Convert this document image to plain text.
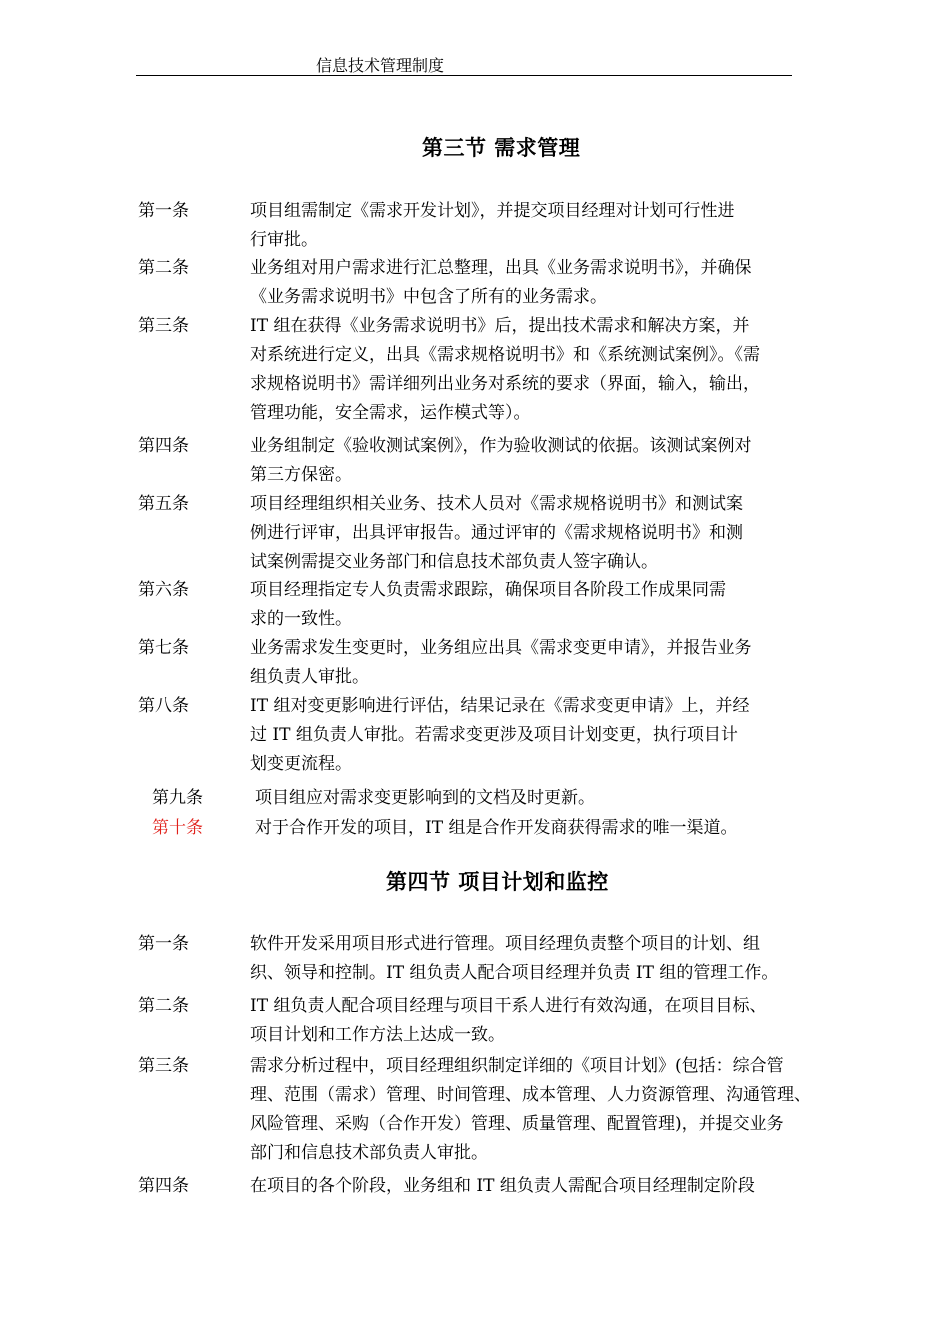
信息技术管理制度
第三节 需求管理
第一条	项目组需制定《需求开发计划》，并提交项目经理对计划可行性进
行审批。
第二条	业务组对用户需求进行汇总整理，出具《业务需求说明书》，并确保
《业务需求说明书》中包含了所有的业务需求。
第三条	IT 组在获得《业务需求说明书》后，提出技术需求和解决方案，并
对系统进行定义，出具《需求规格说明书》和《系统测试案例》。《需
求规格说明书》需详细列出业务对系统的要求（界面，输入，输出，
管理功能，安全需求，运作模式等）。
第四条	业务组制定《验收测试案例》，作为验收测试的依据。该测试案例对
第三方保密。
第五条	项目经理组织相关业务、技术人员对《需求规格说明书》和测试案
例进行评审，出具评审报告。通过评审的《需求规格说明书》和测
试案例需提交业务部门和信息技术部负责人签字确认。
第六条	项目经理指定专人负责需求跟踪，确保项目各阶段工作成果同需
求的一致性。
第七条	业务需求发生变更时，业务组应出具《需求变更申请》，并报告业务
组负责人审批。
第八条	IT 组对变更影响进行评估，结果记录在《需求变更申请》上，并经
过 IT 组负责人审批。若需求变更涉及项目计划变更，执行项目计
划变更流程。
第九条	项目组应对需求变更影响到的文档及时更新。
第十条	对于合作开发的项目，IT 组是合作开发商获得需求的唯一渠道。
第四节 项目计划和监控
第一条	软件开发采用项目形式进行管理。项目经理负责整个项目的计划、组
织、领导和控制。IT 组负责人配合项目经理并负责 IT 组的管理工作。
第二条	IT 组负责人配合项目经理与项目干系人进行有效沟通，在项目目标、
项目计划和工作方法上达成一致。
第三条	需求分析过程中，项目经理组织制定详细的《项目计划》(包括：综合管
理、范围（需求）管理、时间管理、成本管理、人力资源管理、沟通管理、
风险管理、采购（合作开发）管理、质量管理、配置管理)，并提交业务
部门和信息技术部负责人审批。
第四条	在项目的各个阶段，业务组和 IT 组负责人需配合项目经理制定阶段
